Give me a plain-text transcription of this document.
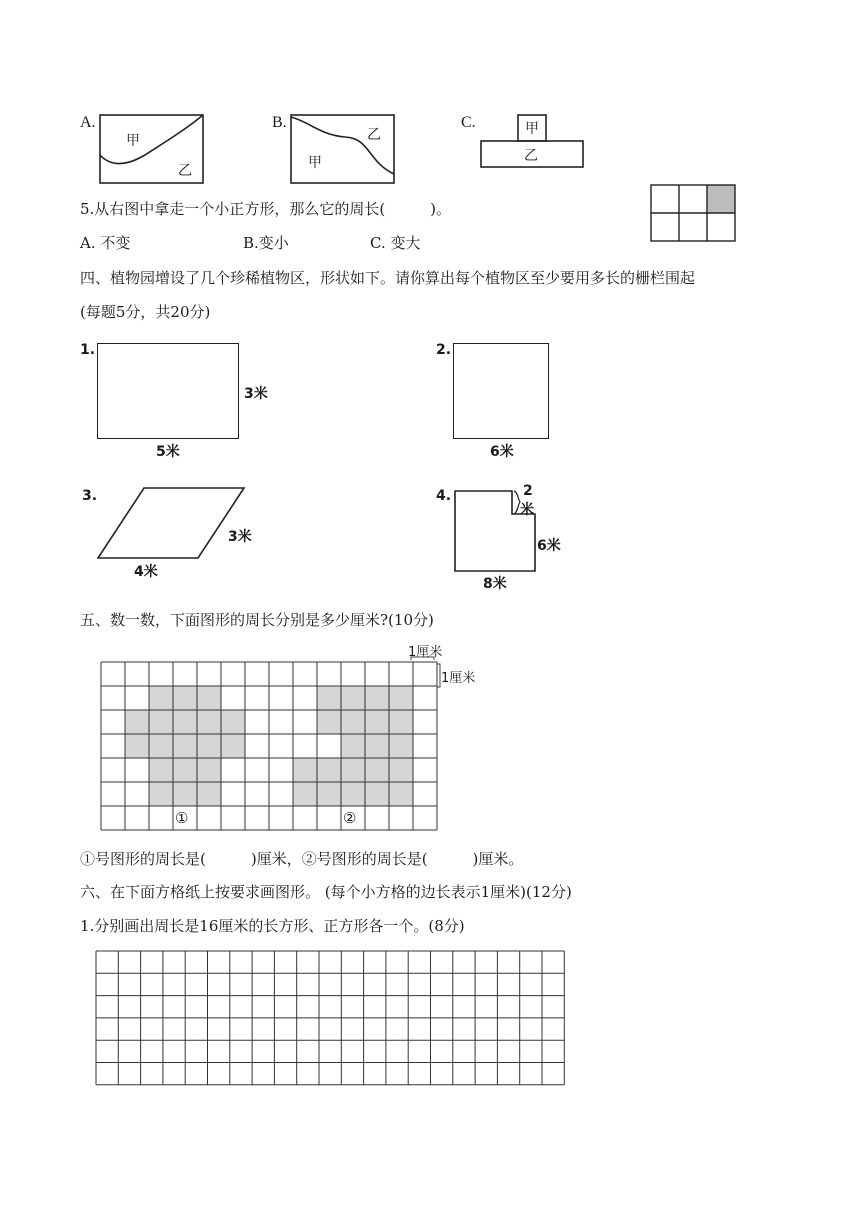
A.
甲
乙
B.
乙
甲
C.	甲
乙
5.从右图中拿走一个小正方形，那么它的周长(　　　)。
A. 不变	B.变小	C. 变大
四、植物园增设了几个珍稀植物区，形状如下。请你算出每个植物区至少要用多长的栅栏围起
(每题5分，共20分)
1.
3米
5米
2.
6米
3.
3米
4米
4.	2
米
6米
8米
五、数一数，下面图形的周长分别是多少厘米?(10分)
1厘米
1厘米
①	②
①号图形的周长是(　　　)厘米，②号图形的周长是(　　　)厘米。
六、在下面方格纸上按要求画图形。 (每个小方格的边长表示1厘米)(12分)
1.分别画出周长是16厘米的长方形、正方形各一个。(8分)
